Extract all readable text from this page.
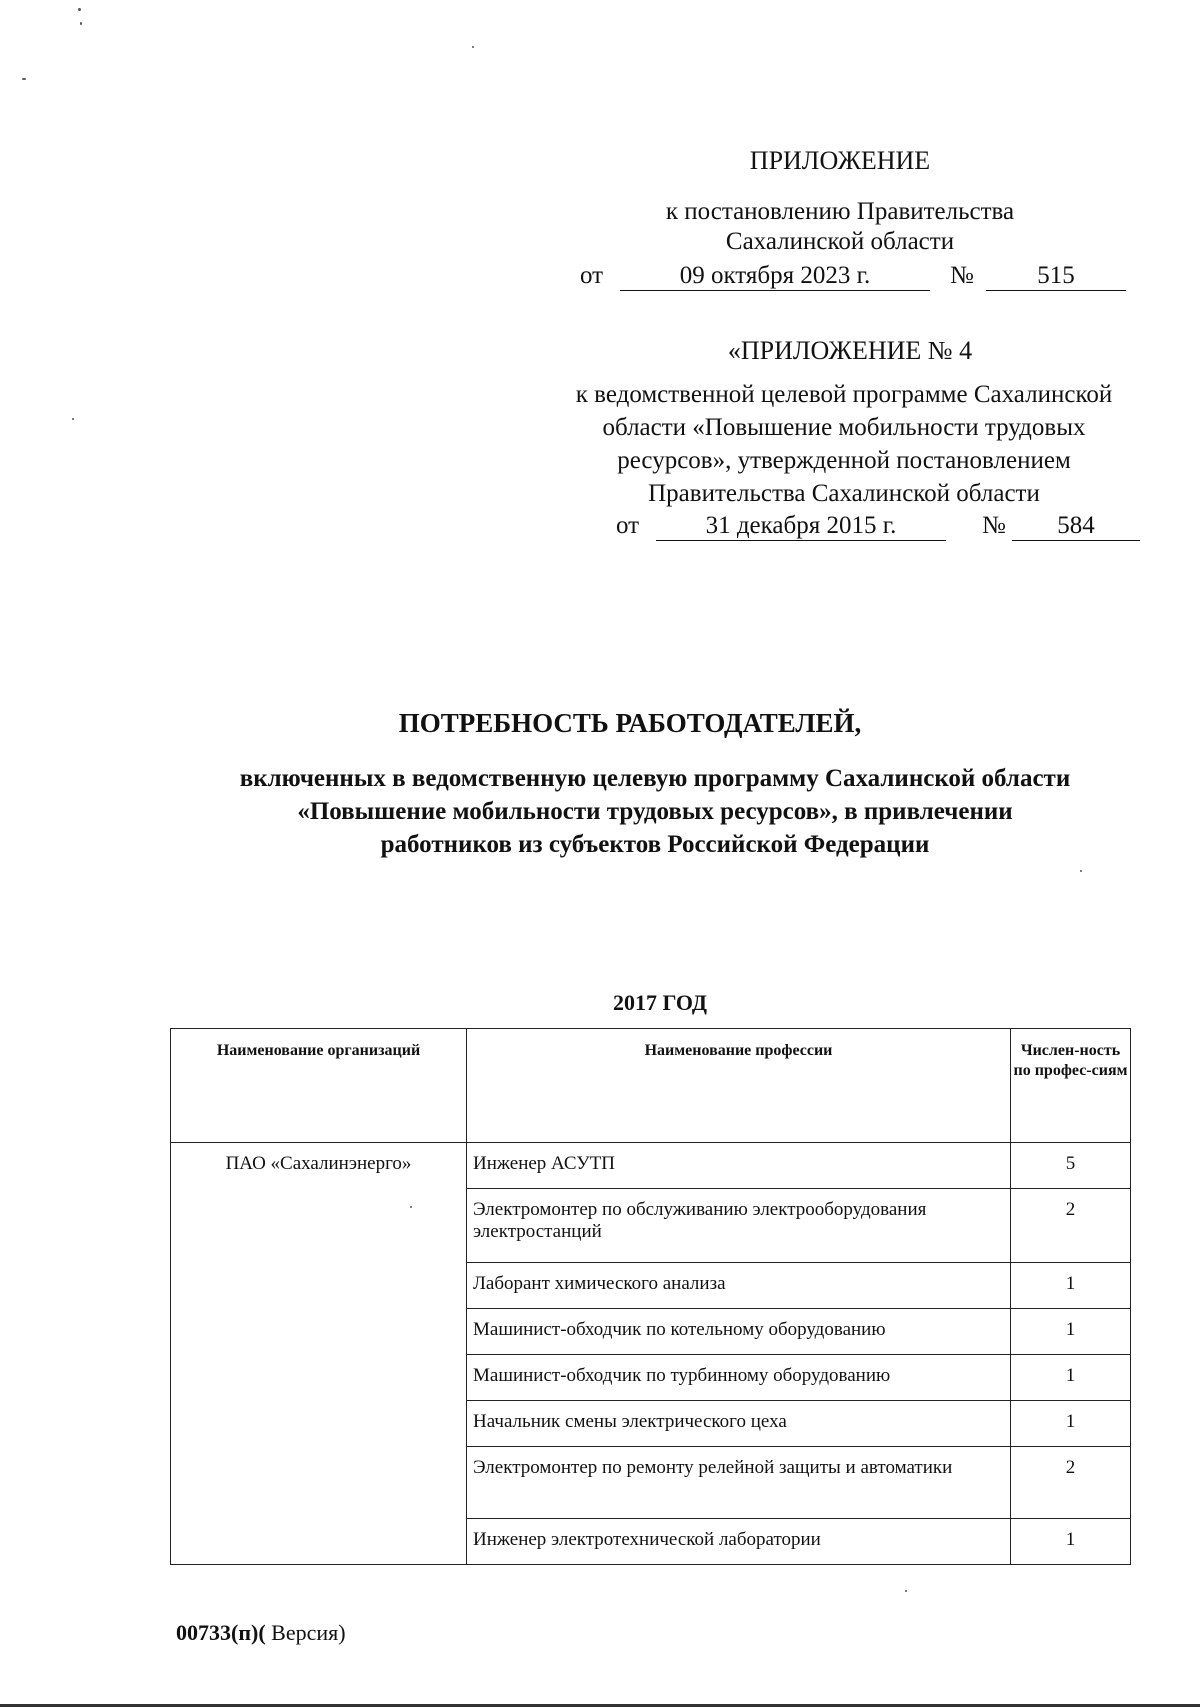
ПРИЛОЖЕНИЕ
к постановлению Правительства
Сахалинской области
от	09 октября 2023 г.	№	515
«ПРИЛОЖЕНИЕ № 4
к ведомственной целевой программе Сахалинской области «Повышение мобильности трудовых ресурсов», утвержденной постановлением Правительства Сахалинской области
от	31 декабря 2015 г.	№	584
ПОТРЕБНОСТЬ РАБОТОДАТЕЛЕЙ,
включенных в ведомственную целевую программу Сахалинской области «Повышение мобильности трудовых ресурсов», в привлечении работников из субъектов Российской Федерации
2017 ГОД
Наименование организаций	Наименование профессии	Числен-ность по профес-сиям
ПАО «Сахалинэнерго»	Инженер АСУТП	5
	Электромонтер по обслуживанию электрооборудования электростанций	2
	Лаборант химического анализа	1
	Машинист-обходчик по котельному оборудованию	1
	Машинист-обходчик по турбинному оборудованию	1
	Начальник смены электрического цеха	1
	Электромонтер по ремонту релейной защиты и автоматики	2
	Инженер электротехнической лаборатории	1
00733(п)( Версия)
